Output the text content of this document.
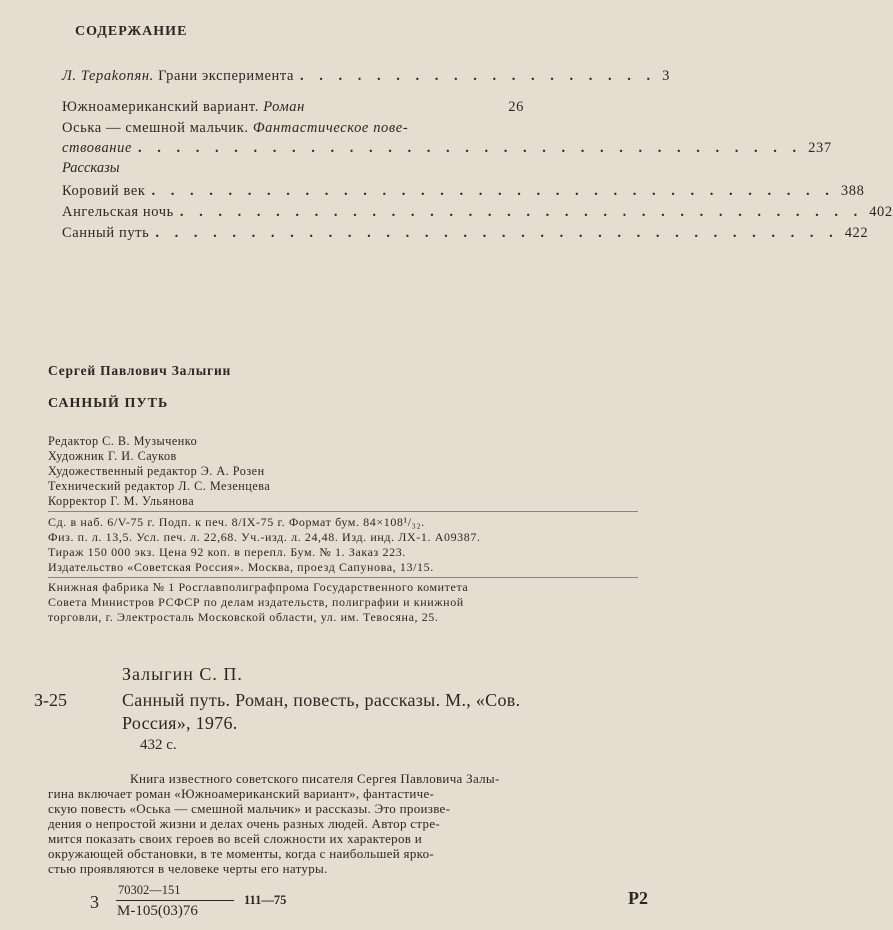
СОДЕРЖАНИЕ
Л. Терakопян. Грани эксперимента . . . . . . . . . . . . . . . . . . . 3
Южноамериканский вариант. Роман	26
Оська — смешной мальчик. Фантастическое пове-
ствование . . . . . . . . . . . . . . . . . . . . . . . . . . . . . . . . . . . 237
Рассказы
Коровий век . . . . . . . . . . . . . . . . . . . . . . . . . . . . . . . . . . . . 388
Ангельская ночь . . . . . . . . . . . . . . . . . . . . . . . . . . . . . . . . . . . . 402
Санный путь . . . . . . . . . . . . . . . . . . . . . . . . . . . . . . . . . . . . 422
Сергей Павлович Залыгин
САННЫЙ ПУТЬ
Редактор С. В. Музыченко
Художник Г. И. Сауков
Художественный редактор Э. А. Розен
Технический редактор Л. С. Мезенцева
Корректор Г. М. Ульянова
Сд. в наб. 6/V-75 г. Подп. к печ. 8/IX-75 г. Формат бум. 84×108¹/₃₂.
Физ. п. л. 13,5. Усл. печ. л. 22,68. Уч.-изд. л. 24,48. Изд. инд. ЛХ-1. А09387.
Тираж 150 000 экз. Цена 92 коп. в перепл. Бум. № 1. Заказ 223.
Издательство «Советская Россия». Москва, проезд Сапунова, 13/15.
Книжная фабрика № 1 Росглавполиграфпрома Государственного комитета
Совета Министров РСФСР по делам издательств, полиграфии и книжной
торговли, г. Электросталь Московской области, ул. им. Тевосяна, 25.
Залыгин С. П.
З-25	Санный путь. Роман, повесть, рассказы. М., «Сов.
Россия», 1976.
432 с.
Книга известного советского писателя Сергея Павловича Залы-
гина включает роман «Южноамериканский вариант», фантастиче-
скую повесть «Оська — смешной мальчик» и рассказы. Это произве-
дения о непростой жизни и делах очень разных людей. Автор стре-
мится показать своих героев во всей сложности их характеров и
окружающей обстановки, в те моменты, когда с наибольшей ярко-
стью проявляются в человеке черты его натуры.
3
70302—151
М-105(03)76
111—75	Р2
